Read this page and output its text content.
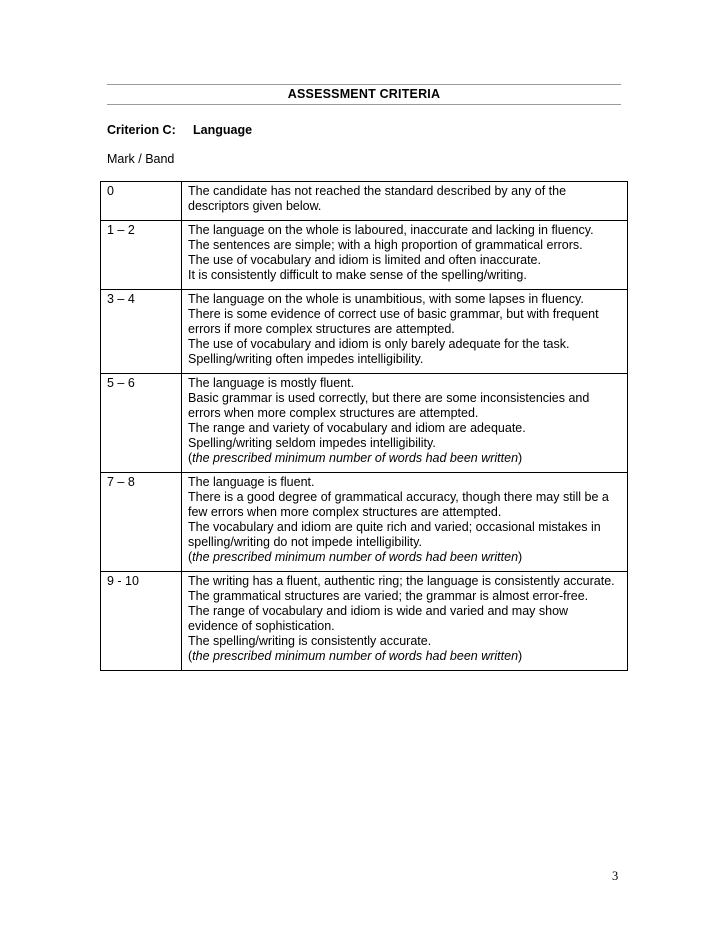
ASSESSMENT CRITERIA
Criterion C: Language
Mark / Band
0	The candidate has not reached the standard described by any of the descriptors given below.

1 – 2	The language on the whole is laboured, inaccurate and lacking in fluency.
The sentences are simple; with a high proportion of grammatical errors.
The use of vocabulary and idiom is limited and often inaccurate.
It is consistently difficult to make sense of the spelling/writing.

3 – 4	The language on the whole is unambitious, with some lapses in fluency.
There is some evidence of correct use of basic grammar, but with frequent errors if more complex structures are attempted.
The use of vocabulary and idiom is only barely adequate for the task.
Spelling/writing often impedes intelligibility.

5 – 6	The language is mostly fluent.
Basic grammar is used correctly, but there are some inconsistencies and errors when more complex structures are attempted.
The range and variety of vocabulary and idiom are adequate.
Spelling/writing seldom impedes intelligibility.
(the prescribed minimum number of words had been written)

7 – 8	The language is fluent.
There is a good degree of grammatical accuracy, though there may still be a few errors when more complex structures are attempted.
The vocabulary and idiom are quite rich and varied; occasional mistakes in spelling/writing do not impede intelligibility.
(the prescribed minimum number of words had been written)

9 - 10	The writing has a fluent, authentic ring; the language is consistently accurate.
The grammatical structures are varied; the grammar is almost error-free.
The range of vocabulary and idiom is wide and varied and may show evidence of sophistication.
The spelling/writing is consistently accurate.
(the prescribed minimum number of words had been written)
3
